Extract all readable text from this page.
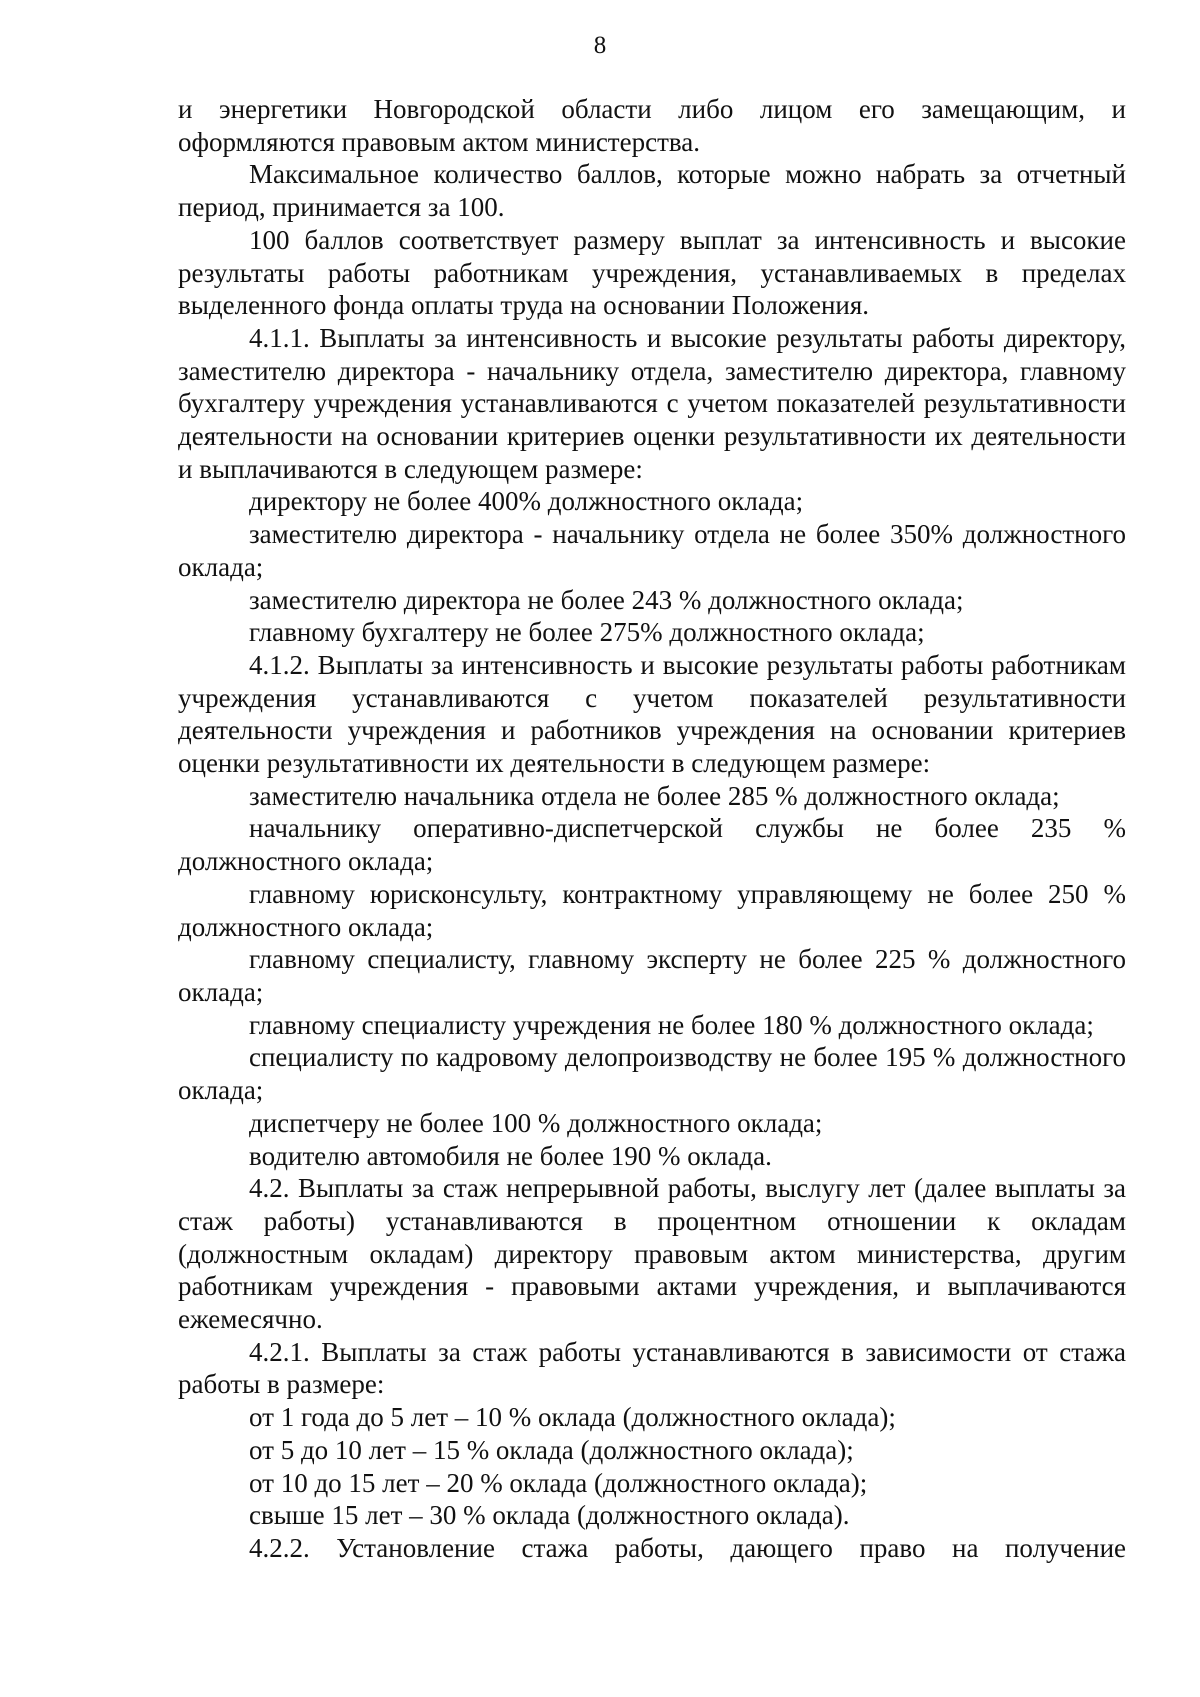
8

и энергетики Новгородской области либо лицом его замещающим, и оформляются правовым актом министерства.

Максимальное количество баллов, которые можно набрать за отчетный период, принимается за 100.

100 баллов соответствует размеру выплат за интенсивность и высокие результаты работы работникам учреждения, устанавливаемых в пределах выделенного фонда оплаты труда на основании Положения.

4.1.1. Выплаты за интенсивность и высокие результаты работы директору, заместителю директора - начальнику отдела, заместителю директора, главному бухгалтеру учреждения устанавливаются с учетом показателей результативности деятельности на основании критериев оценки результативности их деятельности и выплачиваются в следующем размере:

директору не более 400% должностного оклада;

заместителю директора - начальнику отдела не более 350% должностного оклада;

заместителю директора не более 243 % должностного оклада;

главному бухгалтеру не более 275% должностного оклада;

4.1.2. Выплаты за интенсивность и высокие результаты работы работникам учреждения устанавливаются с учетом показателей результативности деятельности учреждения и работников учреждения на основании критериев оценки результативности их деятельности в следующем размере:

заместителю начальника отдела не более 285 % должностного оклада;

начальнику оперативно-диспетчерской службы не более 235 % должностного оклада;

главному юрисконсульту, контрактному управляющему не более 250 % должностного оклада;

главному специалисту, главному эксперту не более 225 % должностного оклада;

главному специалисту учреждения не более 180 % должностного оклада;

специалисту по кадровому делопроизводству не более 195 % должностного оклада;

диспетчеру не более 100 % должностного оклада;

водителю автомобиля не более 190 % оклада.

4.2. Выплаты за стаж непрерывной работы, выслугу лет (далее выплаты за стаж работы) устанавливаются в процентном отношении к окладам (должностным окладам) директору правовым актом министерства, другим работникам учреждения - правовыми актами учреждения, и выплачиваются ежемесячно.

4.2.1. Выплаты за стаж работы устанавливаются в зависимости от стажа работы в размере:

от 1 года до 5 лет – 10 % оклада (должностного оклада);

от 5 до 10 лет – 15 % оклада (должностного оклада);

от 10 до 15 лет – 20 % оклада (должностного оклада);

свыше 15 лет – 30 % оклада (должностного оклада).

4.2.2. Установление стажа работы, дающего право на получение
